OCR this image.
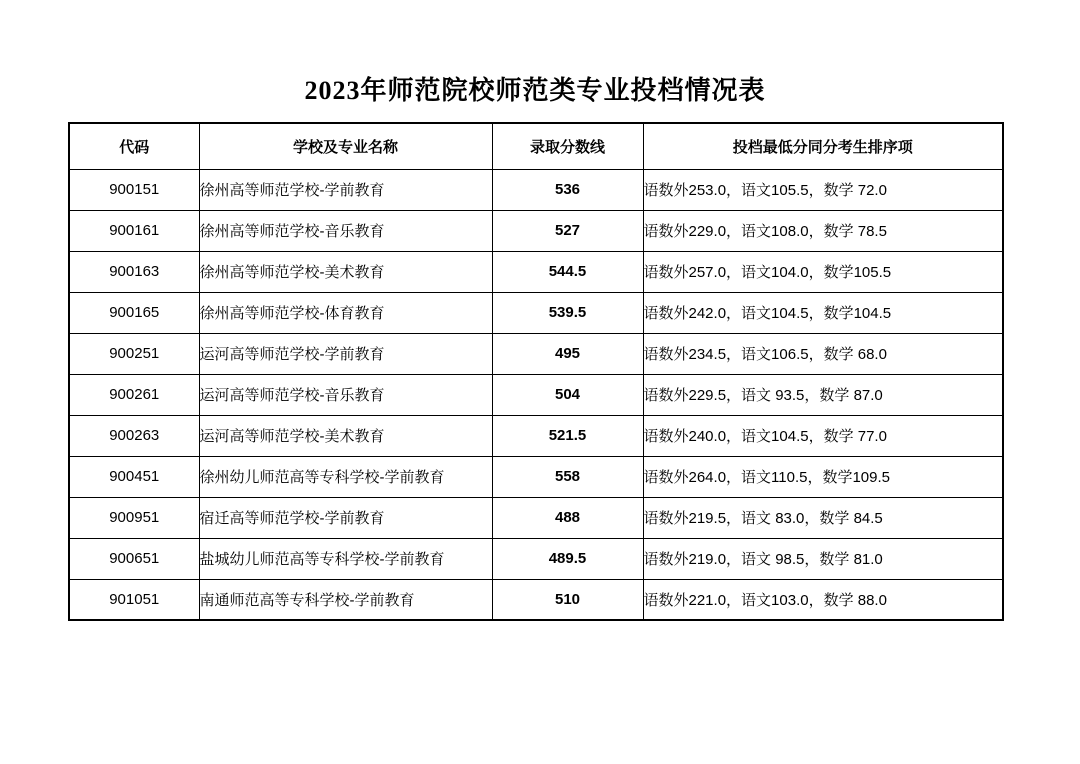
2023年师范院校师范类专业投档情况表
代码	学校及专业名称	录取分数线	投档最低分同分考生排序项
900151	徐州高等师范学校-学前教育	536	语数外253.0，语文105.5，数学 72.0
900161	徐州高等师范学校-音乐教育	527	语数外229.0，语文108.0，数学 78.5
900163	徐州高等师范学校-美术教育	544.5	语数外257.0，语文104.0，数学105.5
900165	徐州高等师范学校-体育教育	539.5	语数外242.0，语文104.5，数学104.5
900251	运河高等师范学校-学前教育	495	语数外234.5，语文106.5，数学 68.0
900261	运河高等师范学校-音乐教育	504	语数外229.5，语文 93.5，数学 87.0
900263	运河高等师范学校-美术教育	521.5	语数外240.0，语文104.5，数学 77.0
900451	徐州幼儿师范高等专科学校-学前教育	558	语数外264.0，语文110.5，数学109.5
900951	宿迁高等师范学校-学前教育	488	语数外219.5，语文 83.0，数学 84.5
900651	盐城幼儿师范高等专科学校-学前教育	489.5	语数外219.0，语文 98.5，数学 81.0
901051	南通师范高等专科学校-学前教育	510	语数外221.0，语文103.0，数学 88.0
